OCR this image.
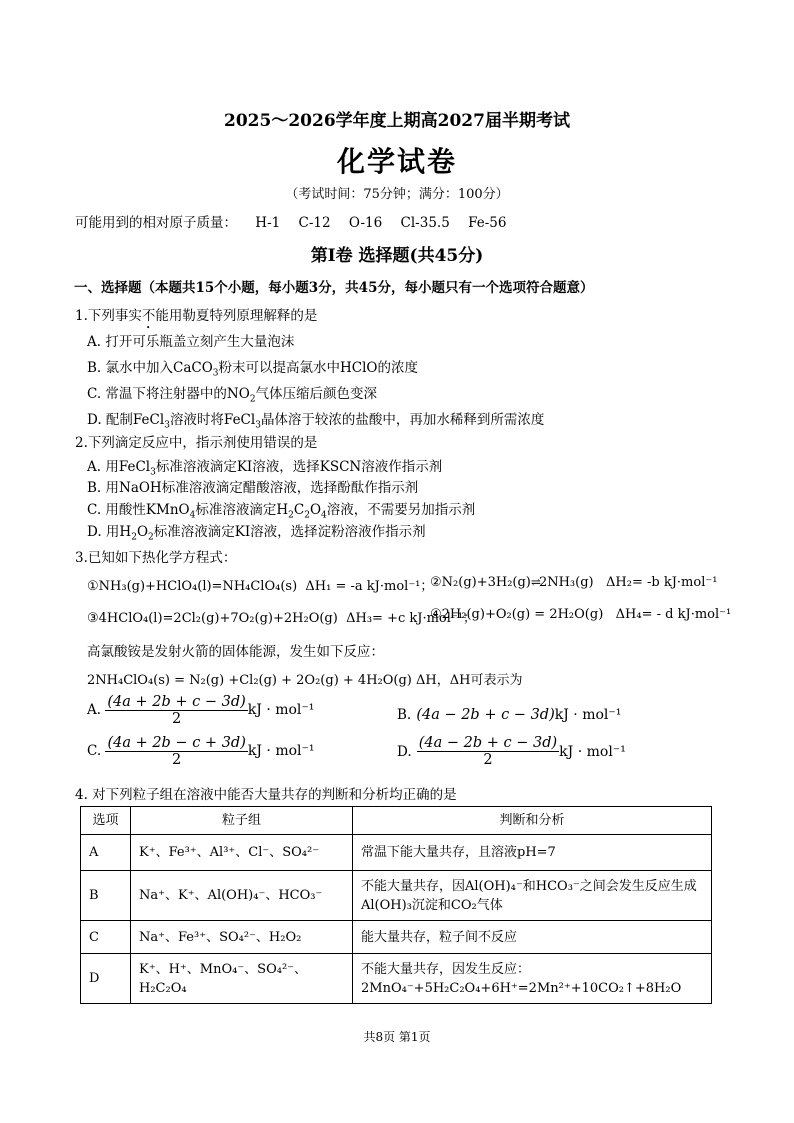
2025～2026学年度上期高2027届半期考试
化学试卷
（考试时间：75分钟；满分：100分）
可能用到的相对原子质量： H-1 C-12 O-16 Cl-35.5 Fe-56
第Ⅰ卷 选择题(共45分)
一、选择题（本题共15个小题，每小题3分，共45分，每小题只有一个选项符合题意）
1.下列事实不能用勒夏特列原理解释的是
A. 打开可乐瓶盖立刻产生大量泡沫
B. 氯水中加入CaCO$_3$粉末可以提高氯水中HClO的浓度
C. 常温下将注射器中的$NO_2$气体压缩后颜色变深
D. 配制FeCl$_3$溶液时将FeCl$_3$晶体溶于较浓的盐酸中，再加水稀释到所需浓度
2.下列滴定反应中，指示剂使用错误的是
A. 用FeCl$_3$标准溶液滴定KI溶液，选择KSCN溶液作指示剂
B. 用NaOH标准溶液滴定醋酸溶液，选择酚酞作指示剂
C. 用酸性KMnO$_4$标准溶液滴定$H_2C_2O_4$溶液，不需要另加指示剂
D. 用$H_2O_2$标准溶液滴定KI溶液，选择淀粉溶液作指示剂
3.已知如下热化学方程式：
①NH₃(g)+HClO₄(l)=NH₄ClO₄(s) ΔH₁ = -a kJ·mol⁻¹；
②N₂(g)+3H₂(g)⇌2NH₃(g) ΔH₂= -b kJ·mol⁻¹
③4HClO₄(l)=2Cl₂(g)+7O₂(g)+2H₂O(g) ΔH₃= +c kJ·mol⁻¹；
④2H₂(g)+O₂(g) = 2H₂O(g) ΔH₄= - d kJ·mol⁻¹
高氯酸铵是发射火箭的固体能源，发生如下反应：
2NH₄ClO₄(s) = N₂(g) +Cl₂(g) + 2O₂(g) + 4H₂O(g) ΔH，ΔH可表示为
A. $\frac{(4a + 2b + c - 3d)}{2}$ kJ · mol⁻¹	B. (4a − 2b + c − 3d)kJ · mol⁻¹
C. $\frac{(4a + 2b - c + 3d)}{2}$ kJ · mol⁻¹	D. $\frac{(4a - 2b + c - 3d)}{2}$ kJ · mol⁻¹
4. 对下列粒子组在溶液中能否大量共存的判断和分析均正确的是
选项	粒子组	判断和分析
A	K⁺、Fe³⁺、Al³⁺、Cl⁻、SO₄²⁻	常温下能大量共存，且溶液pH=7
B	Na⁺、K⁺、Al(OH)₄⁻、HCO₃⁻	不能大量共存，因Al(OH)₄⁻和HCO₃⁻之间会发生反应生成Al(OH)₃沉淀和CO₂气体
C	Na⁺、Fe³⁺、SO₄²⁻、H₂O₂	能大量共存，粒子间不反应
D	K⁺、H⁺、MnO₄⁻、SO₄²⁻、H₂C₂O₄	不能大量共存，因发生反应：2MnO₄⁻+5H₂C₂O₄+6H⁺=2Mn²⁺+10CO₂↑+8H₂O
共8页 第1页
